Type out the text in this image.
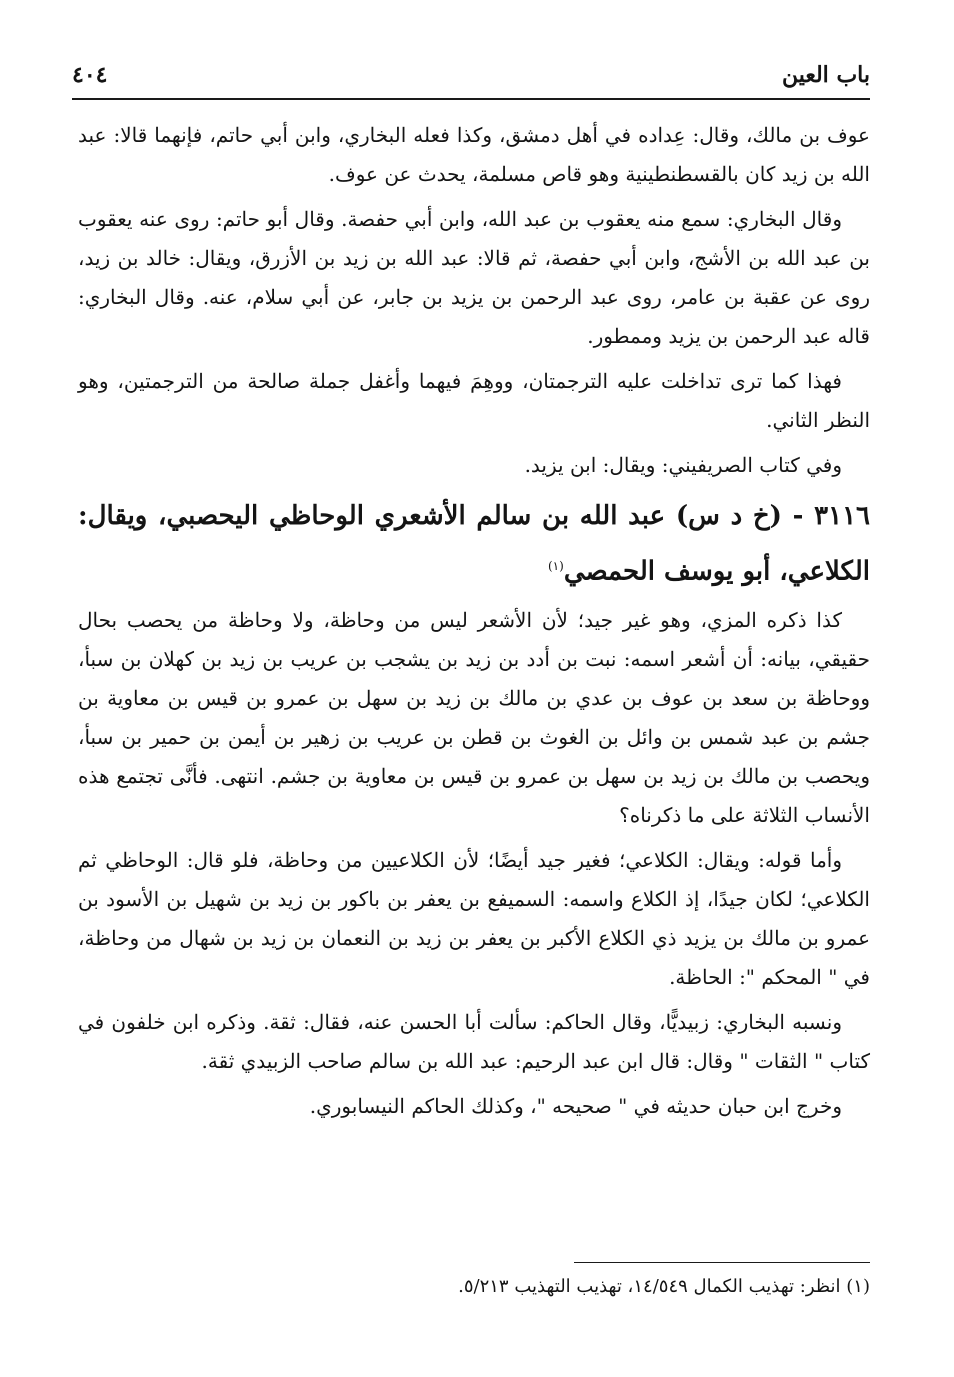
باب العين
٤٠٤

عوف بن مالك، وقال: عِداده في أهل دمشق، وكذا فعله البخاري، وابن أبي حاتم، فإنهما قالا: عبد الله بن زيد كان بالقسطنطينية وهو قاص مسلمة، يحدث عن عوف.

وقال البخاري: سمع منه يعقوب بن عبد الله، وابن أبي حفصة. وقال أبو حاتم: روى عنه يعقوب بن عبد الله بن الأشج، وابن أبي حفصة، ثم قالا: عبد الله بن زيد بن الأزرق، ويقال: خالد بن زيد، روى عن عقبة بن عامر، روى عبد الرحمن بن يزيد بن جابر، عن أبي سلام، عنه. وقال البخاري: قاله عبد الرحمن بن يزيد وممطور.

فهذا كما ترى تداخلت عليه الترجمتان، ووهِمَ فيهما وأغفل جملة صالحة من الترجمتين، وهو النظر الثاني.

وفي كتاب الصريفيني: ويقال: ابن يزيد.

٣١١٦ - (خ د س) عبد الله بن سالم الأشعري الوحاظي اليحصبي، ويقال: الكلاعي، أبو يوسف الحمصي$^{(١)}$

كذا ذكره المزي، وهو غير جيد؛ لأن الأشعر ليس من وحاظة، ولا وحاظة من يحصب بحال حقيقي، بيانه: أن أشعر اسمه: نبت بن أدد بن زيد بن يشجب بن عريب بن زيد بن كهلان بن سبأ، ووحاظة بن سعد بن عوف بن عدي بن مالك بن زيد بن سهل بن عمرو بن قيس بن معاوية بن جشم بن عبد شمس بن وائل بن الغوث بن قطن بن عريب بن زهير بن أيمن بن حمير بن سبأ، ويحصب بن مالك بن زيد بن سهل بن عمرو بن قيس بن معاوية بن جشم. انتهى. فأنَّى تجتمع هذه الأنساب الثلاثة على ما ذكرناه؟

وأما قوله: ويقال: الكلاعي؛ فغير جيد أيضًا؛ لأن الكلاعيين من وحاظة، فلو قال: الوحاظي ثم الكلاعي؛ لكان جيدًا، إذ الكلاع واسمه: السميفع بن يعفر بن باكور بن زيد بن شهيل بن الأسود بن عمرو بن مالك بن يزيد ذي الكلاع الأكبر بن يعفر بن زيد بن النعمان بن زيد بن شهال من وحاظة، في " المحكم ": الحاظة.

ونسبه البخاري: زبيديًّا، وقال الحاكم: سألت أبا الحسن عنه، فقال: ثقة. وذكره ابن خلفون في كتاب " الثقات " وقال: قال ابن عبد الرحيم: عبد الله بن سالم صاحب الزبيدي ثقة.

وخرج ابن حبان حديثه في " صحيحه "، وكذلك الحاكم النيسابوري.

(١) انظر: تهذيب الكمال ١٤/٥٤٩، تهذيب التهذيب ٥/٢١٣.
